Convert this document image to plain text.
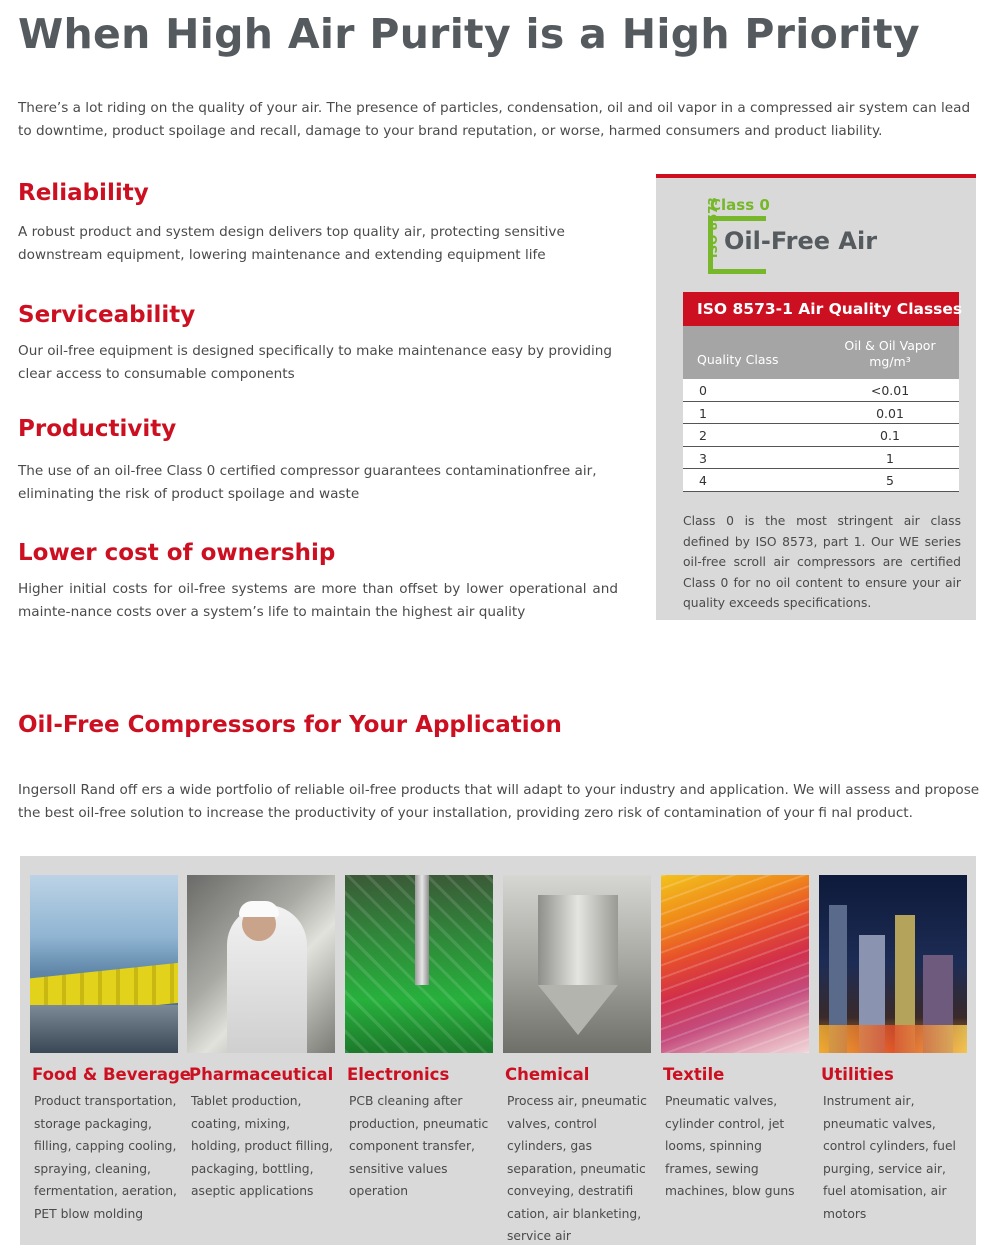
When High Air Purity is a High Priority
There’s a lot riding on the quality of your air. The presence of particles, condensation, oil and oil vapor in a compressed air system can lead to downtime, product spoilage and recall, damage to your brand reputation, or worse, harmed consumers and product liability.
Reliability
A robust product and system design delivers top quality air, protecting sensitive downstream equipment, lowering maintenance and extending equipment life
Serviceability
Our oil-free equipment is designed specifically to make maintenance easy by providing clear access to consumable components
Productivity
The use of an oil-free Class 0 certified compressor guarantees contaminationfree air, eliminating the risk of product spoilage and waste
Lower cost of ownership
Higher initial costs for oil-free systems are more than offset by lower operational and mainte-nance costs over a system’s life to maintain the highest air quality
Class 0
Oil-Free Air
ISO 8573
ISO 8573-1 Air Quality Classes
Quality Class
Oil & Oil Vapor
mg/m³
0	<0.01
1	0.01
2	0.1
3	1
4	5
Class 0 is the most stringent air class defined by ISO 8573, part 1. Our WE series oil-free scroll air compressors are certified Class 0 for no oil content to ensure your air quality exceeds specifications.
Oil-Free Compressors for Your Application
Ingersoll Rand off ers a wide portfolio of reliable oil-free products that will adapt to your industry and application. We will assess and propose the best oil-free solution to increase the productivity of your installation, providing zero risk of contamination of your fi nal product.
Food & Beverage
Product transportation, storage packaging, filling, capping cooling, spraying, cleaning, fermentation, aeration, PET blow molding
Pharmaceutical
Tablet production, coating, mixing, holding, product filling, packaging, bottling, aseptic applications
Electronics
PCB cleaning after production, pneumatic component transfer, sensitive values operation
Chemical
Process air, pneumatic valves, control cylinders, gas separation, pneumatic conveying, destratifi cation, air blanketing, service air
Textile
Pneumatic valves, cylinder control, jet looms, spinning frames, sewing machines, blow guns
Utilities
Instrument air, pneumatic valves, control cylinders, fuel purging, service air, fuel atomisation, air motors
